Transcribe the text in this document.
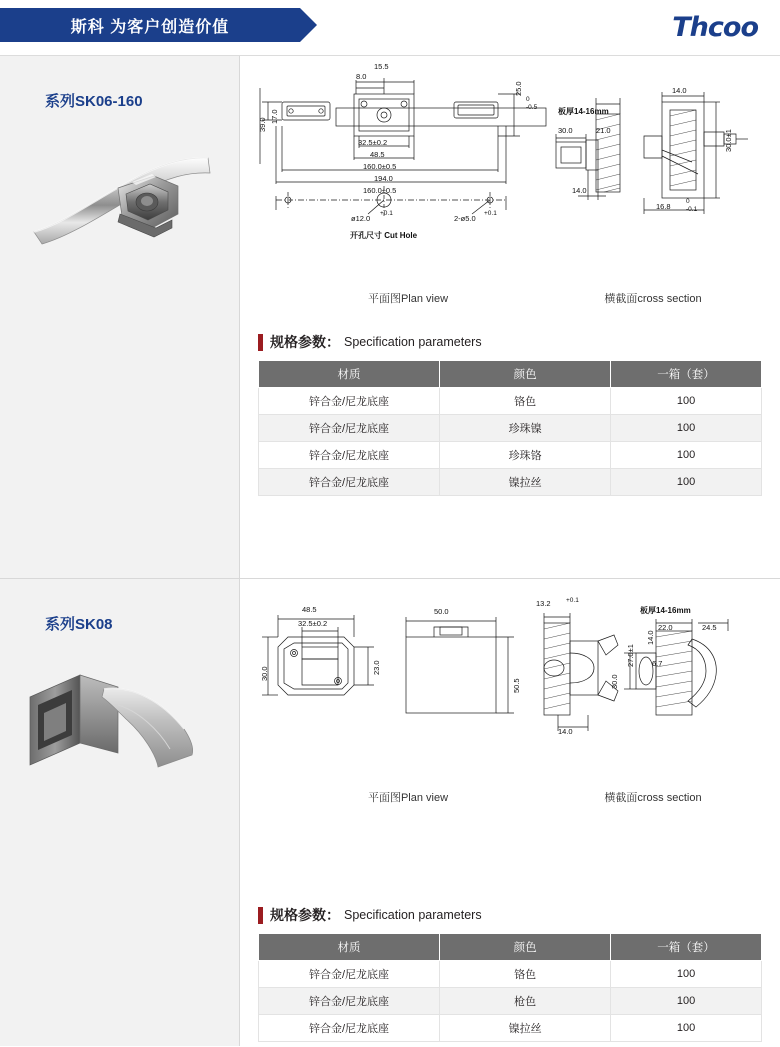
斯科 为客户创造价值	Thcoo
系列SK06-160
8.0
15.5
25.0
0
-0.5
39.0
17.0
32.5±0.2
48.5
160.0±0.5
194.0
160.0±0.5
ø12.0
+0.1
2-ø5.0
+0.1
开孔尺寸 Cut Hole
14.0
板厚14-16mm
30.0	21.0	30.0±1
14.0
16.8
0
-0.1
平面图Plan view	横截面cross section
规格参数： Specification parameters
材质	颜色	一箱（套）
锌合金/尼龙底座	铬色	100
锌合金/尼龙底座	珍珠镍	100
锌合金/尼龙底座	珍珠铬	100
锌合金/尼龙底座	镍拉丝	100
系列SK08
48.5
32.5±0.2
50.0
23.0
30.0
50.5
13.2 +0.1
14.0
板厚14-16mm
22.0	24.5
27.0±1
14.0
6.7
30.0
平面图Plan view	横截面cross section
规格参数： Specification parameters
材质	颜色	一箱（套）
锌合金/尼龙底座	铬色	100
锌合金/尼龙底座	枪色	100
锌合金/尼龙底座	镍拉丝	100
